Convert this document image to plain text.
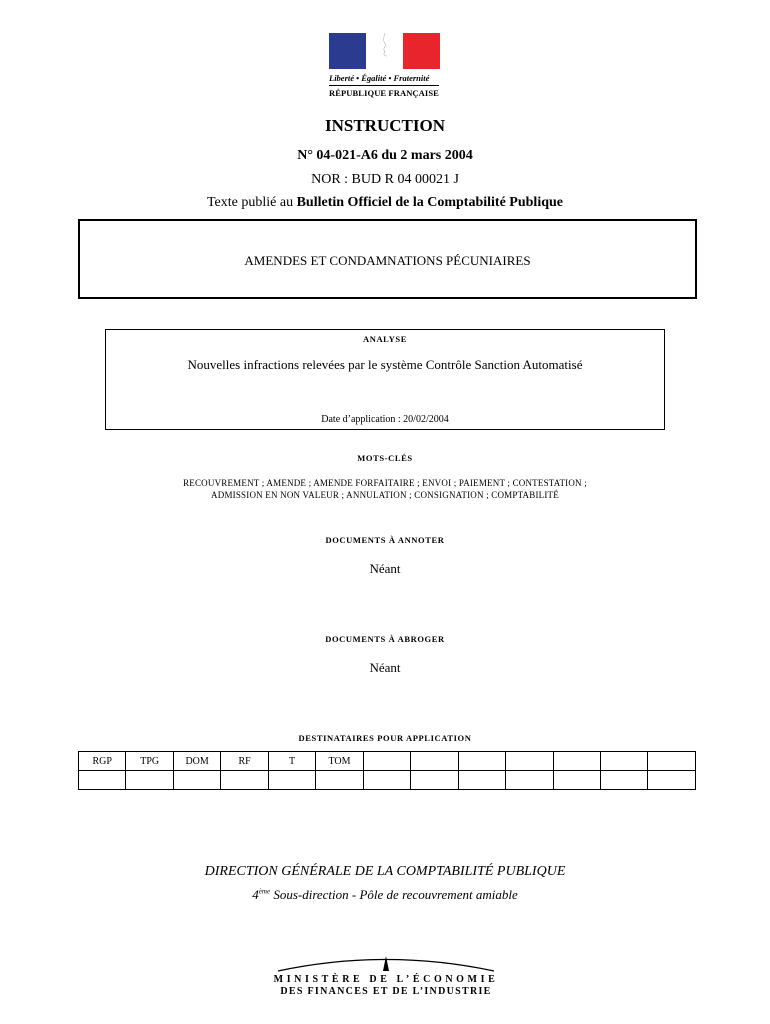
Liberté • Égalité • Fraternité
RÉPUBLIQUE FRANÇAISE
INSTRUCTION
N° 04-021-A6 du 2 mars 2004
NOR : BUD R 04 00021 J
Texte publié au Bulletin Officiel de la Comptabilité Publique
AMENDES ET CONDAMNATIONS PÉCUNIAIRES
ANALYSE
Nouvelles infractions relevées par le système Contrôle Sanction Automatisé
Date d’application : 20/02/2004
MOTS-CLÉS
RECOUVREMENT ; AMENDE ; AMENDE FORFAITAIRE ; ENVOI ; PAIEMENT ; CONTESTATION ;
ADMISSION EN NON VALEUR ; ANNULATION ; CONSIGNATION ; COMPTABILITÉ
DOCUMENTS À ANNOTER
Néant
DOCUMENTS À ABROGER
Néant
DESTINATAIRES POUR APPLICATION
RGP	TPG	DOM	RF	T	TOM							

DIRECTION GÉNÉRALE DE LA COMPTABILITÉ PUBLIQUE
4ème Sous-direction - Pôle de recouvrement amiable
MINISTÈRE DE L’ÉCONOMIE
DES FINANCES ET DE L’INDUSTRIE
